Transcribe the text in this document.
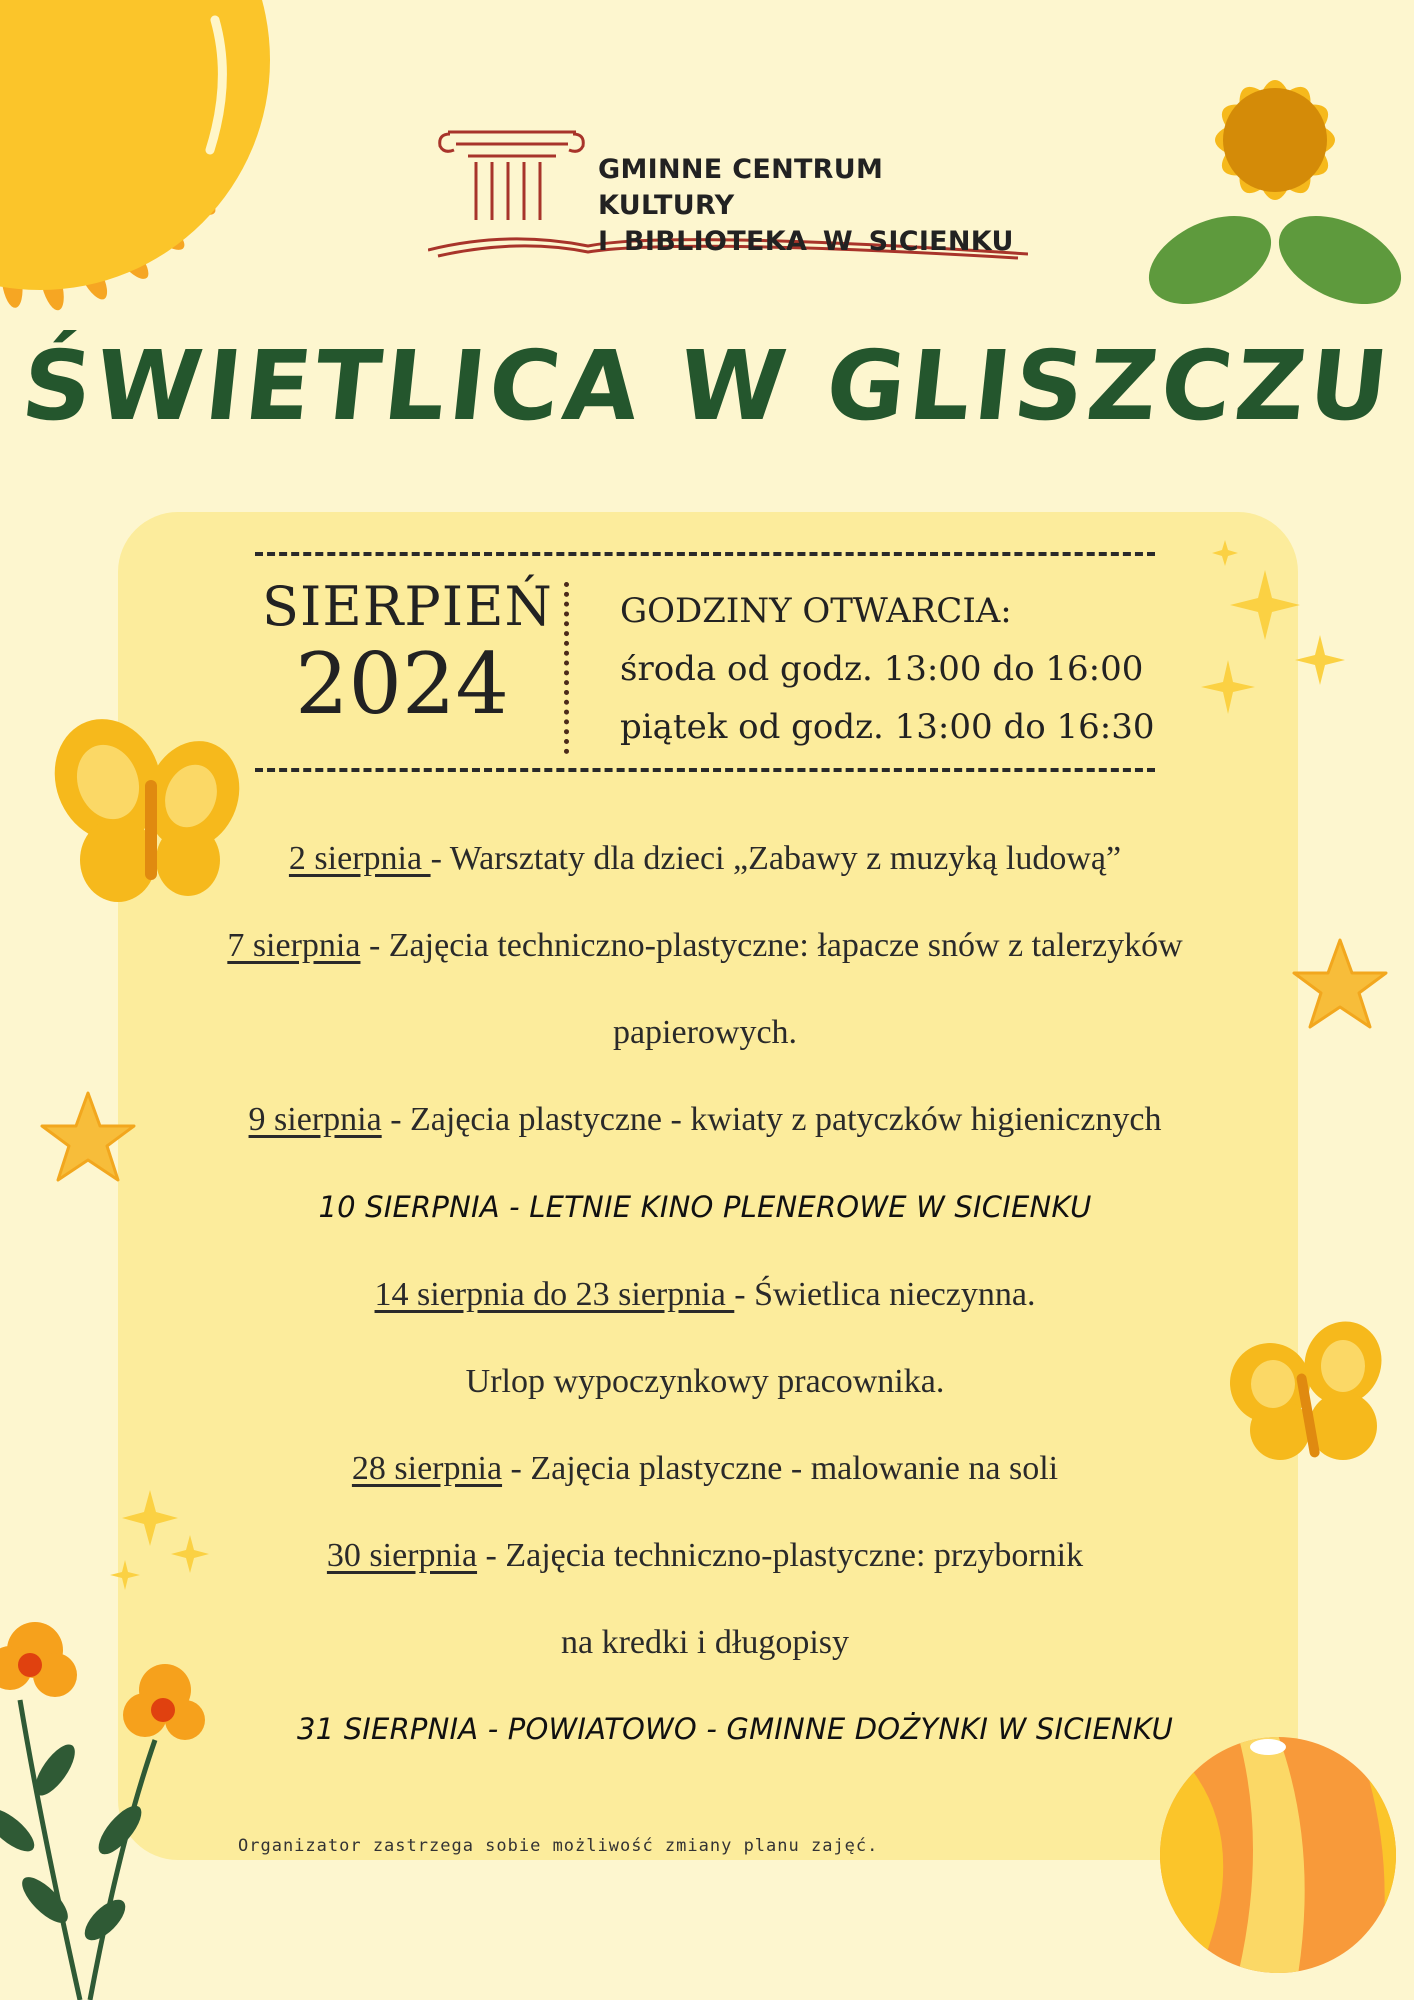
GMINNE CENTRUM KULTURY
I BIBLIOTEKA W SICIENKU
ŚWIETLICA W GLISZCZU
SIERPIEŃ
2024
GODZINY OTWARCIA:
środa od godz. 13:00 do 16:00
piątek od godz. 13:00 do 16:30
2 sierpnia - Warsztaty dla dzieci „Zabawy z muzyką ludową”
7 sierpnia - Zajęcia techniczno-plastyczne: łapacze snów z talerzyków
papierowych.
9 sierpnia - Zajęcia plastyczne - kwiaty z patyczków higienicznych
10 SIERPNIA - LETNIE KINO PLENEROWE W SICIENKU
14 sierpnia do 23 sierpnia - Świetlica nieczynna.
Urlop wypoczynkowy pracownika.
28 sierpnia - Zajęcia plastyczne - malowanie na soli
30 sierpnia - Zajęcia techniczno-plastyczne: przybornik
na kredki i długopisy
31 SIERPNIA - POWIATOWO - GMINNE DOŻYNKI W SICIENKU
Organizator zastrzega sobie możliwość zmiany planu zajęć.
